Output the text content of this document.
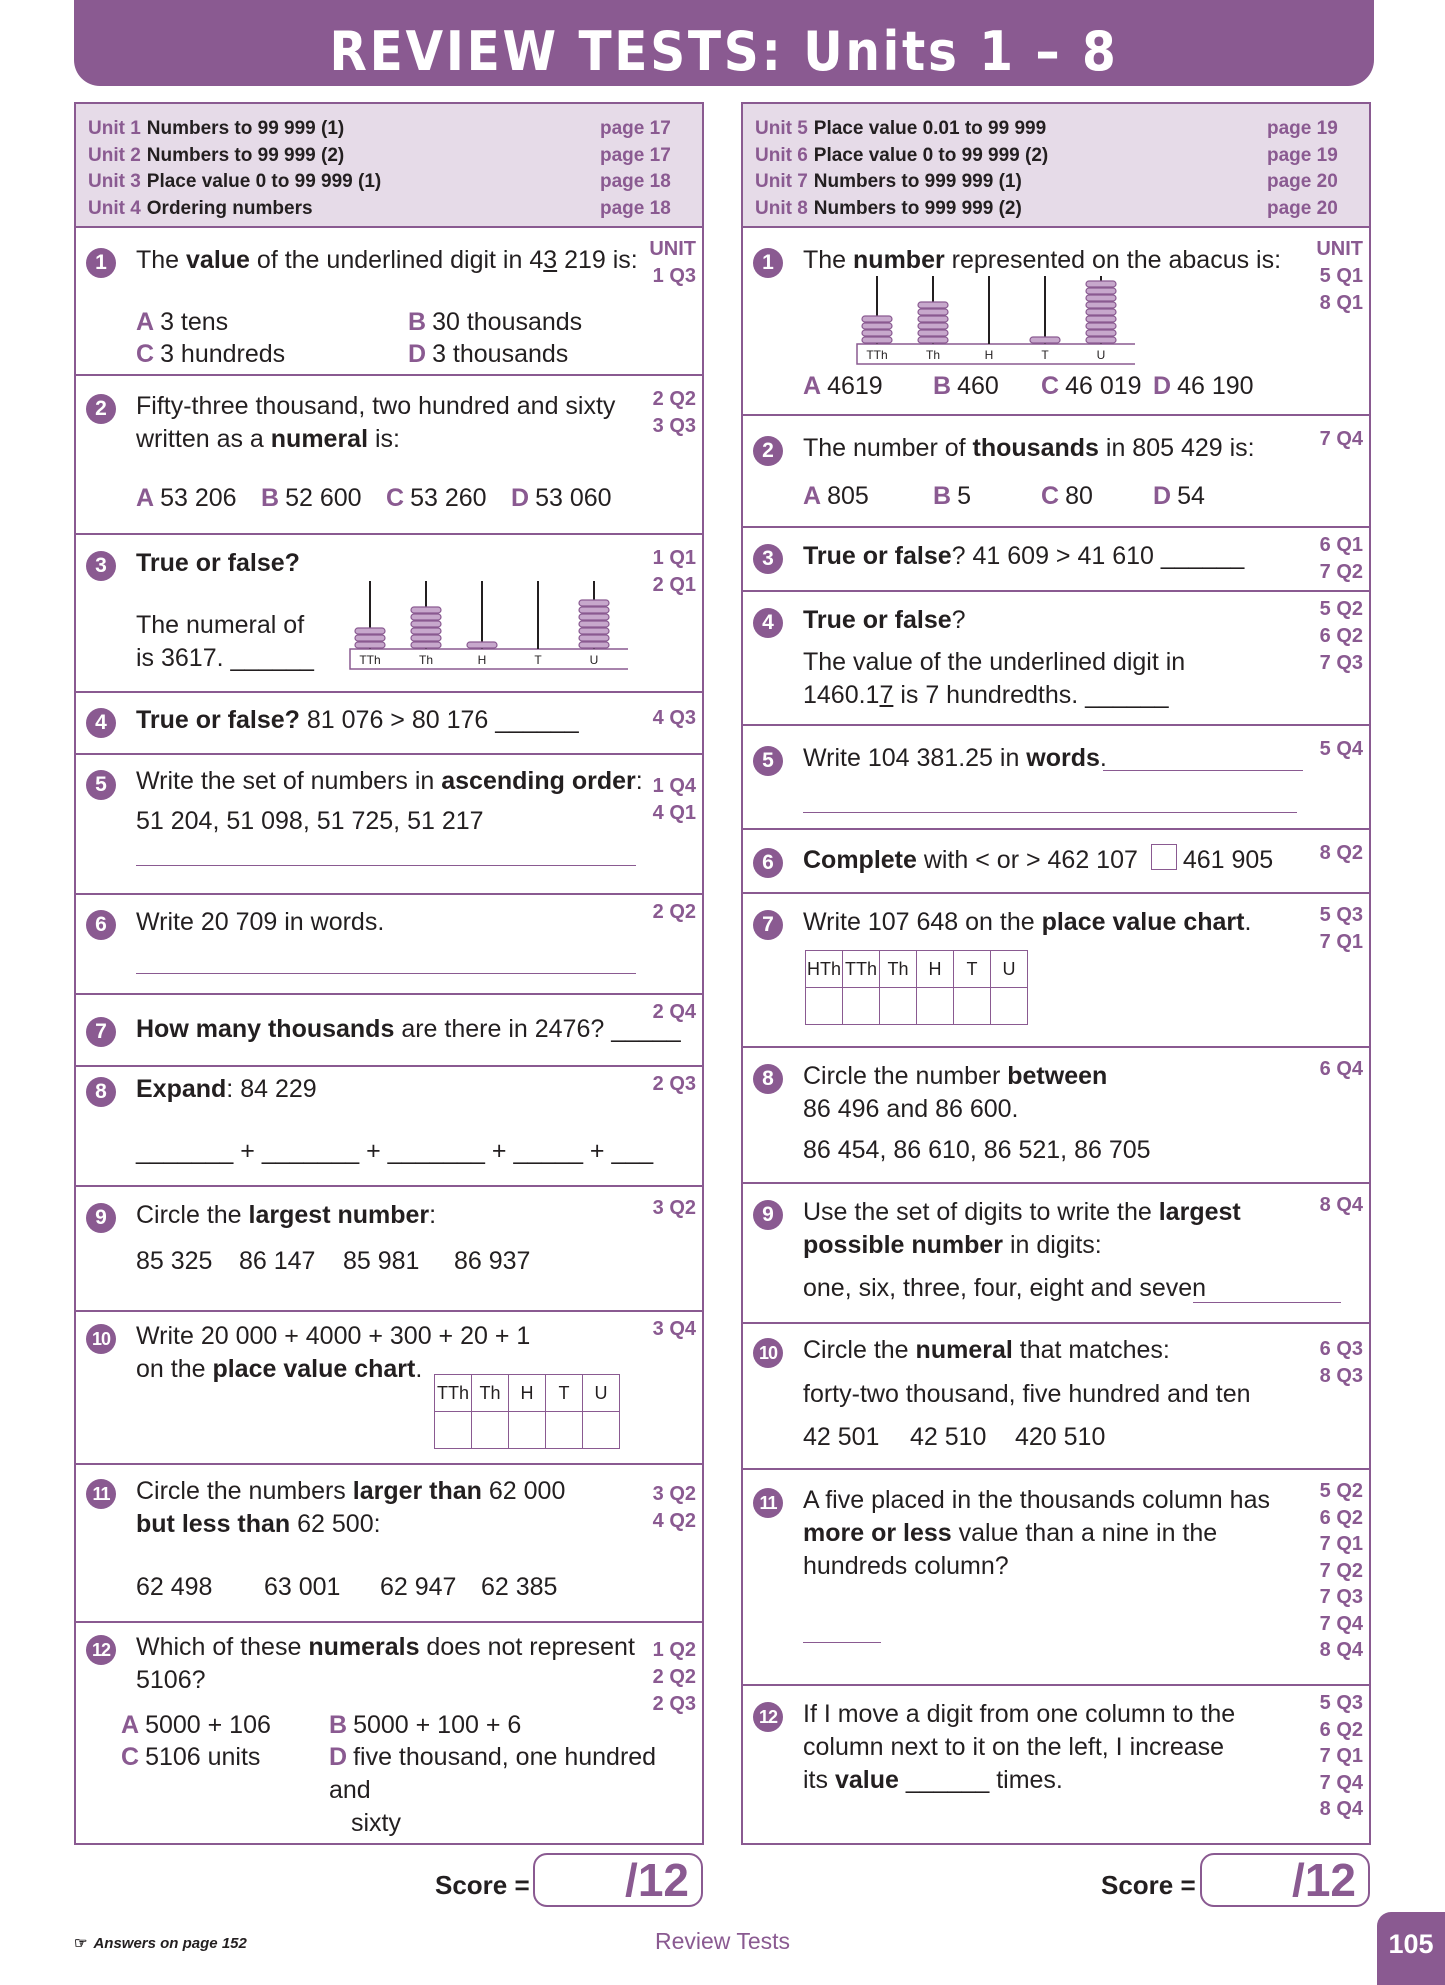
REVIEW TESTS: Units 1 – 8
Unit 1 Numbers to 99 999 (1)	page 17
Unit 2 Numbers to 99 999 (2)	page 17
Unit 3 Place value 0 to 99 999 (1)	page 18
Unit 4 Ordering numbers	page 18
1	The value of the underlined digit in 43 219 is: UNIT
1 Q3
A 3 tens	B 30 thousands
C 3 hundreds	D 3 thousands
2	Fifty-three thousand, two hundred and sixty
written as a numeral is:
2 Q2
3 Q3
A 53 206 B 52 600 C 53 260 D 53 060
3	True or false?
The numeral of
is 3617. ______
1 Q1
2 Q1
TTh	Th	H	T	U
4	True or false? 81 076 > 80 176 ______	4 Q3
5	Write the set of numbers in ascending order:
51 204, 51 098, 51 725, 51 217
1 Q4
4 Q1
6	Write 20 709 in words.	2 Q2
7	How many thousands are there in 2476? _____
2 Q4
8	Expand: 84 229
_______ + _______ + _______ + _____ + ___
2 Q3
9	Circle the largest number:
85 325 86 147 85 981 86 937
3 Q2
10 Write 20 000 + 4000 + 300 + 20 + 1
on the place value chart.
3 Q4
TTh	Th	H	T	U

11 Circle the numbers larger than 62 000
but less than 62 500:
62 498 63 001 62 947 62 385
3 Q2
4 Q2
12 Which of these numerals does not represent
5106?
1 Q2
2 Q2
2 Q3
A 5000 + 106 B 5000 + 100 + 6
C 5106 units	D five thousand, one hundred and
sixty
Unit 5 Place value 0.01 to 99 999	page 19
Unit 6 Place value 0 to 99 999 (2)	page 19
Unit 7 Numbers to 999 999 (1)	page 20
Unit 8 Numbers to 999 999 (2)	page 20
1	The number represented on the abacus is:	UNIT
5 Q1
8 Q1
TTh	Th	H	T	U
A 4619 B 460 C 46 019 D 46 190
2	The number of thousands in 805 429 is:	7 Q4
A 805	B 5	C 80 D 54
3	True or false? 41 609 > 41 610 ______	6 Q1
7 Q2
4	True or false?
The value of the underlined digit in
1460.17 is 7 hundredths. ______
5 Q2
6 Q2
7 Q3
5	Write 104 381.25 in words.	5 Q4
6	Complete with < or > 462 107 461 905	8 Q2
7	Write 107 648 on the place value chart.	5 Q3
7 Q1
HTh	TTh	Th	H	T	U

8	Circle the number between
86 496 and 86 600.
86 454, 86 610, 86 521, 86 705
6 Q4
9	Use the set of digits to write the largest
possible number in digits:
one, six, three, four, eight and seven
8 Q4
10 Circle the numeral that matches:
forty-two thousand, five hundred and ten
42 501 42 510 420 510
6 Q3
8 Q3
11 A five placed in the thousands column has
more or less value than a nine in the
hundreds column?
5 Q2
6 Q2
7 Q1
7 Q2
7 Q3
7 Q4
8 Q4
12 If I move a digit from one column to the
column next to it on the left, I increase
its value ______ times.
5 Q3
6 Q2
7 Q1
7 Q4
8 Q4
Score =	/12	Score =	/12
☞ Answers on page 152	Review Tests	105
